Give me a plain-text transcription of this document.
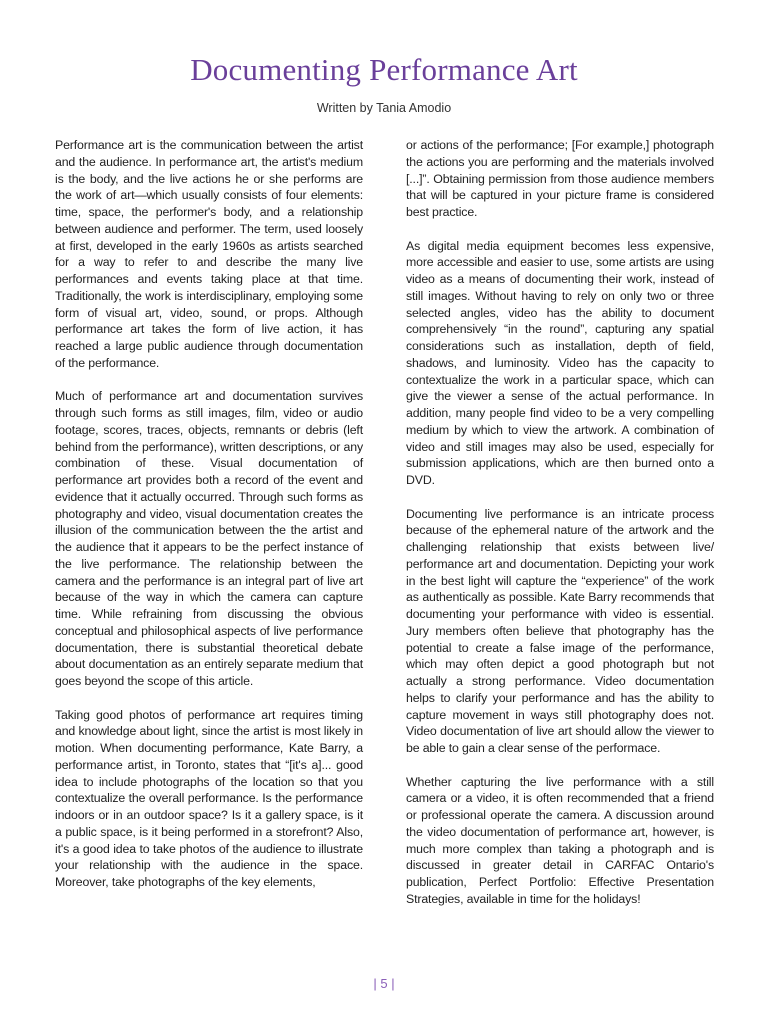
Documenting Performance Art
Written by Tania Amodio

Performance art is the communication between the artist and the audience. In performance art, the artist's medium is the body, and the live actions he or she performs are the work of art—which usually consists of four elements: time, space, the performer's body, and a relationship between audience and performer. The term, used loosely at first, developed in the early 1960s as artists searched for a way to refer to and describe the many live performances and events taking place at that time. Traditionally, the work is interdisciplinary, employing some form of visual art, video, sound, or props. Although performance art takes the form of live action, it has reached a large public audience through documentation of the performance.

Much of performance art and documentation survives through such forms as still images, film, video or audio footage, scores, traces, objects, remnants or debris (left behind from the performance), written descriptions, or any combination of these. Visual documentation of performance art provides both a record of the event and evidence that it actually occurred. Through such forms as photography and video, visual documentation creates the illusion of the communication between the the artist and the audience that it appears to be the perfect instance of the live performance. The relationship between the camera and the performance is an integral part of live art because of the way in which the camera can capture time. While refraining from discussing the obvious conceptual and philosophical aspects of live performance documentation, there is substantial theoretical debate about documentation as an entirely separate medium that goes beyond the scope of this article.

Taking good photos of performance art requires timing and knowledge about light, since the artist is most likely in motion. When documenting performance, Kate Barry, a performance artist, in Toronto, states that “[it's a]... good idea to include photographs of the location so that you contextualize the overall performance. Is the performance indoors or in an outdoor space? Is it a gallery space, is it a public space, is it being performed in a storefront? Also, it's a good idea to take photos of the audience to illustrate your relationship with the audience in the space. Moreover, take photographs of the key elements,

or actions of the performance; [For example,] photograph the actions you are performing and the materials involved [...]”. Obtaining permission from those audience members that will be captured in your picture frame is considered best practice.

As digital media equipment becomes less expensive, more accessible and easier to use, some artists are using video as a means of documenting their work, instead of still images. Without having to rely on only two or three selected angles, video has the ability to document comprehensively “in the round”, capturing any spatial considerations such as installation, depth of field, shadows, and luminosity. Video has the capacity to contextualize the work in a particular space, which can give the viewer a sense of the actual performance. In addition, many people find video to be a very compelling medium by which to view the artwork. A combination of video and still images may also be used, especially for submission applications, which are then burned onto a DVD.

Documenting live performance is an intricate process because of the ephemeral nature of the artwork and the challenging relationship that exists between live/ performance art and documentation. Depicting your work in the best light will capture the “experience” of the work as authentically as possible. Kate Barry recommends that documenting your performance with video is essential. Jury members often believe that photography has the potential to create a false image of the performance, which may often depict a good photograph but not actually a strong performance. Video documentation helps to clarify your performance and has the ability to capture movement in ways still photography does not. Video documentation of live art should allow the viewer to be able to gain a clear sense of the performace.

Whether capturing the live performance with a still camera or a video, it is often recommended that a friend or professional operate the camera. A discussion around the video documentation of performance art, however, is much more complex than taking a photograph and is discussed in greater detail in CARFAC Ontario's publication, Perfect Portfolio: Effective Presentation Strategies, available in time for the holidays!

| 5 |
